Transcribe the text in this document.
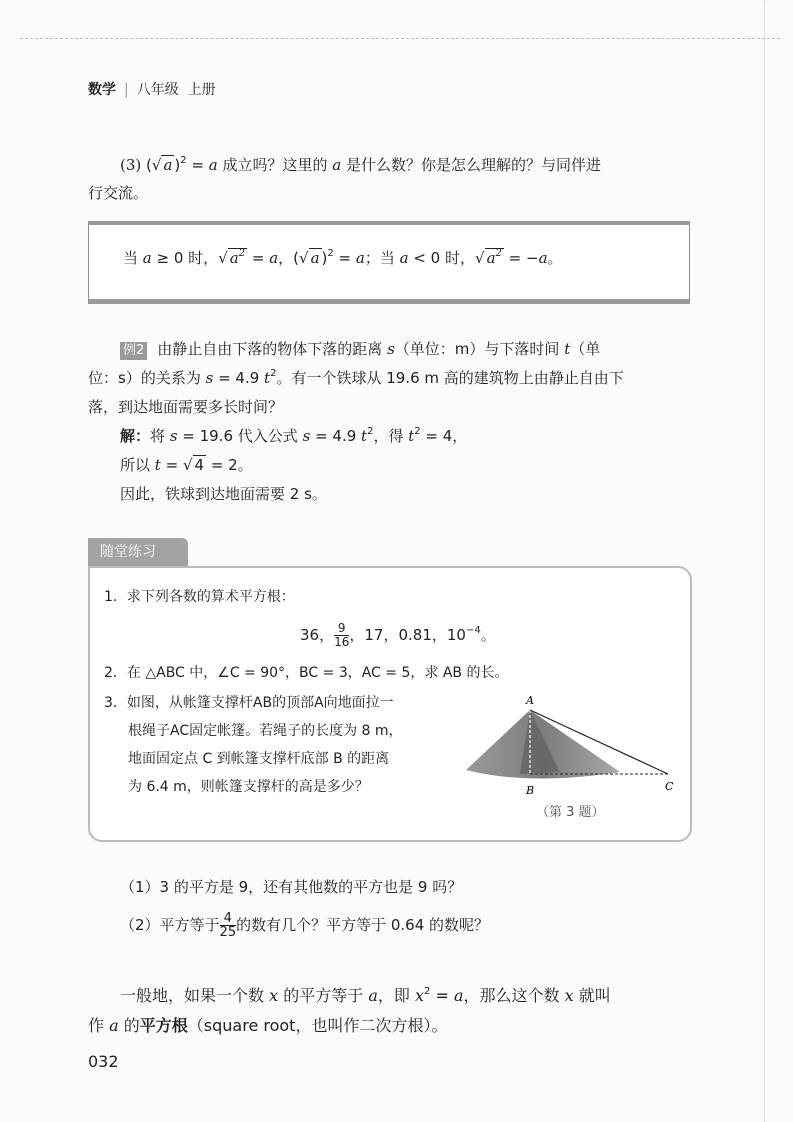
数学 | 八年级 上册
(3) (√ a )$^2$ = a 成立吗？这里的 a 是什么数？你是怎么理解的？与同伴进
行交流。
当 a ≥ 0 时，√ $a^2 = a$，(√ a )$^2$ = a；当 a < 0 时，√ $a^2 = -a$。
例2 由静止自由下落的物体下落的距离 s（单位：m）与下落时间 t（单
位：s）的关系为 s = 4.9 $t^2$。有一个铁球从 19.6 m 高的建筑物上由静止自由下
落，到达地面需要多长时间？
解：将 s = 19.6 代入公式 s = 4.9 $t^2$，得 $t^2 = 4$，
所以 t = √ 4 = 2。
因此，铁球到达地面需要 2 s。
随堂练习
1．求下列各数的算术平方根：
36， $\frac{9}{16}$ ，17，0.81，$10^{-4}$。
2．在 △ABC 中，∠C = 90°，BC = 3，AC = 5，求 AB 的长。
3．如图，从帐篷支撑杆AB的顶部A向地面拉一
根绳子AC固定帐篷。若绳子的长度为 8 m，
地面固定点 C 到帐篷支撑杆底部 B 的距离
为 6.4 m，则帐篷支撑杆的高是多少？
A
B	C
（第 3 题）
（1）3 的平方是 9，还有其他数的平方也是 9 吗？
（2）平方等于 $\frac{4}{25}$ 的数有几个？平方等于 0.64 的数呢？
一般地，如果一个数 x 的平方等于 a，即 $x^2 = a$，那么这个数 x 就叫
作 a 的平方根（square root，也叫作二次方根）。
032
